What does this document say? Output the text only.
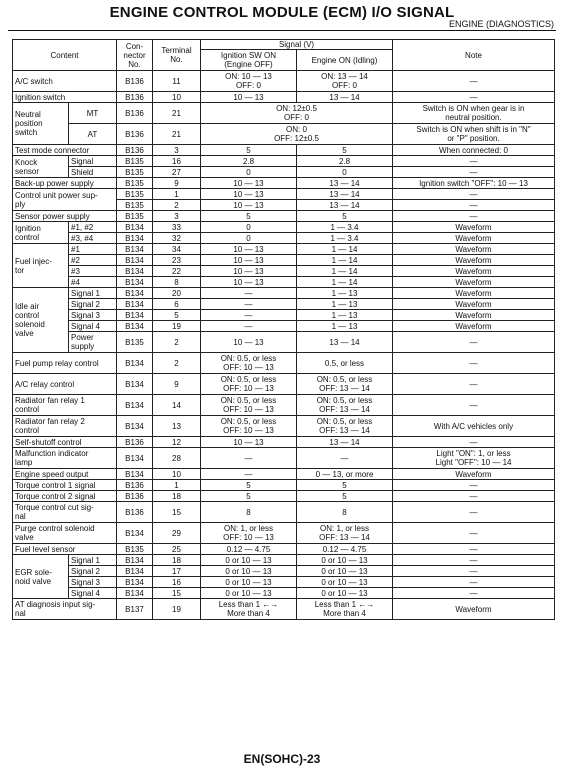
ENGINE CONTROL MODULE (ECM) I/O SIGNAL
ENGINE (DIAGNOSTICS)
Content		Con-
nector
No.	Terminal
No.	Signal (V)		Note
				Ignition SW ON
(Engine OFF)	Engine ON (Idling)	
A/C switch		B136	11	ON: 10 — 13
OFF: 0	ON: 13 — 14
OFF: 0	—
Ignition switch		B136	10	10 — 13	13 — 14	—
Neutral
position
switch	MT	B136	21	ON: 12±0.5
OFF: 0		Switch is ON when gear is in
neutral position.
	AT	B136	21	ON: 0
OFF: 12±0.5		Switch is ON when shift is in "N"
or "P" position.
Test mode connector		B136	3	5	5	When connected: 0
Knock
sensor	Signal	B135	16	2.8	2.8	—
	Shield	B135	27	0	0	—
Back-up power supply		B135	9	10 — 13	13 — 14	Ignition switch "OFF": 10 — 13
Control unit power sup-
ply		B135	1	10 — 13	13 — 14	—
		B135	2	10 — 13	13 — 14	—
Sensor power supply		B135	3	5	5	—
Ignition
control	#1, #2	B134	33	0	1 — 3.4	Waveform
	#3, #4	B134	32	0	1 — 3.4	Waveform
Fuel injec-
tor	#1	B134	34	10 — 13	1 — 14	Waveform
	#2	B134	23	10 — 13	1 — 14	Waveform
	#3	B134	22	10 — 13	1 — 14	Waveform
	#4	B134	8	10 — 13	1 — 14	Waveform
Idle air
control
solenoid
valve	Signal 1	B134	20	—	1 — 13	Waveform
	Signal 2	B134	6	—	1 — 13	Waveform
	Signal 3	B134	5	—	1 — 13	Waveform
	Signal 4	B134	19	—	1 — 13	Waveform
	Power
supply	B135	2	10 — 13	13 — 14	—
Fuel pump relay control		B134	2	ON: 0.5, or less
OFF: 10 — 13	0.5, or less	—
A/C relay control		B134	9	ON: 0.5, or less
OFF: 10 — 13	ON: 0.5, or less
OFF: 13 — 14	—
Radiator fan relay 1
control		B134	14	ON: 0.5, or less
OFF: 10 — 13	ON: 0.5, or less
OFF: 13 — 14	—
Radiator fan relay 2
control		B134	13	ON: 0.5, or less
OFF: 10 — 13	ON: 0.5, or less
OFF: 13 — 14	With A/C vehicles only
Self-shutoff control		B136	12	10 — 13	13 — 14	—
Malfunction indicator
lamp		B134	28	—	—	Light "ON": 1, or less
Light "OFF": 10 — 14
Engine speed output		B134	10	—	0 — 13, or more	Waveform
Torque control 1 signal		B136	1	5	5	—
Torque control 2 signal		B136	18	5	5	—
Torque control cut sig-
nal		B136	15	8	8	—
Purge control solenoid
valve		B134	29	ON: 1, or less
OFF: 10 — 13	ON: 1, or less
OFF: 13 — 14	—
Fuel level sensor		B135	25	0.12 — 4.75	0.12 — 4.75	—
EGR sole-
noid valve	Signal 1	B134	18	0 or 10 — 13	0 or 10 — 13	—
	Signal 2	B134	17	0 or 10 — 13	0 or 10 — 13	—
	Signal 3	B134	16	0 or 10 — 13	0 or 10 — 13	—
	Signal 4	B134	15	0 or 10 — 13	0 or 10 — 13	—
AT diagnosis input sig-
nal		B137	19	Less than 1 ←→
More than 4	Less than 1 ←→
More than 4	Waveform
EN(SOHC)-23
